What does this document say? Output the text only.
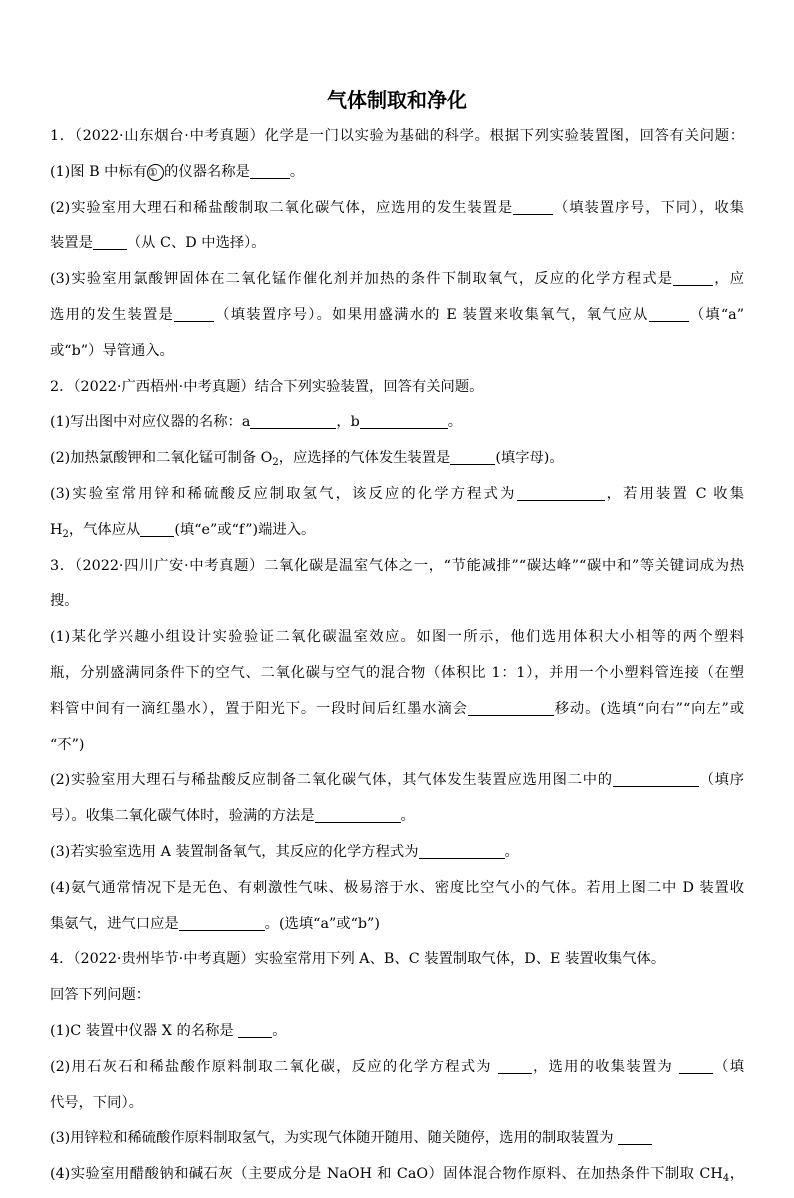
气体制取和净化
1．（2022·山东烟台·中考真题）化学是一门以实验为基础的科学。根据下列实验装置图，回答有关问题：
(1)图 B 中标有① 的仪器名称是	。
(2)实验室用大理石和稀盐酸制取二氧化碳气体，应选用的发生装置是	（填装置序号，下同），收集
装置是 （从 C、D 中选择）。
(3)实验室用氯酸钾固体在二氧化锰作催化剂并加热的条件下制取氧气，反应的化学方程式是	，应
选用的发生装置是	（填装置序号）。如果用盛满水的 E 装置来收集氧气，氧气应从	（填“a”
或“b”）导管通入。
2．（2022·广西梧州·中考真题）结合下列实验装置，回答有关问题。
(1)写出图中对应仪器的名称：a	，b	。
(2)加热氯酸钾和二氧化锰可制备 $O_2$，应选择的气体发生装置是	(填字母)。
(3)实验室常用锌和稀硫酸反应制取氢气，该反应的化学方程式为	，若用装置 C 收集
$H_2$，气体应从 (填“e”或“f”)端进入。
3．（2022·四川广安·中考真题）二氧化碳是温室气体之一，“节能减排”“碳达峰”“碳中和”等关键词成为热
搜。
(1)某化学兴趣小组设计实验验证二氧化碳温室效应。如图一所示，他们选用体积大小相等的两个塑料
瓶，分别盛满同条件下的空气、二氧化碳与空气的混合物（体积比 1：1），并用一个小塑料管连接（在塑
料管中间有一滴红墨水），置于阳光下。一段时间后红墨水滴会	移动。(选填“向右”“向左”或
“不”)
(2)实验室用大理石与稀盐酸反应制备二氧化碳气体，其气体发生装置应选用图二中的	（填序
号）。收集二氧化碳气体时，验满的方法是	。
(3)若实验室选用 A 装置制备氧气，其反应的化学方程式为	。
(4)氨气通常情况下是无色、有刺激性气味、极易溶于水、密度比空气小的气体。若用上图二中 D 装置收
集氨气，进气口应是	。(选填“a”或“b”)
4．（2022·贵州毕节·中考真题）实验室常用下列 A、B、C 装置制取气体，D、E 装置收集气体。
回答下列问题：
(1)C 装置中仪器 X 的名称是 。
(2)用石灰石和稀盐酸作原料制取二氧化碳，反应的化学方程式为 ，选用的收集装置为 （填
代号，下同）。
(3)用锌粒和稀硫酸作原料制取氢气，为实现气体随开随用、随关随停，选用的制取装置为
(4)实验室用醋酸钠和碱石灰（主要成分是 NaOH 和 CaO）固体混合物作原料、在加热条件下制取 $CH_4$，
